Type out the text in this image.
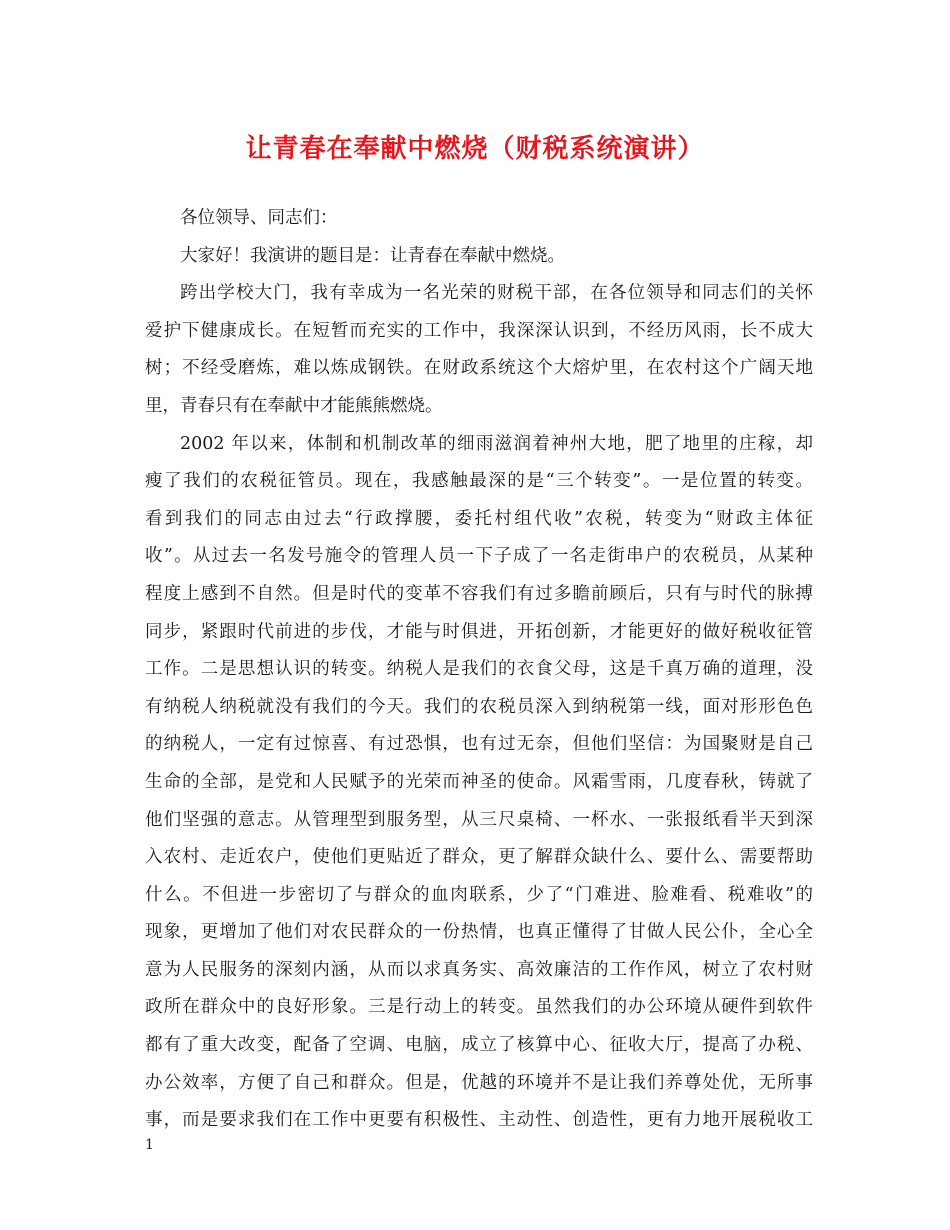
让青春在奉献中燃烧（财税系统演讲）
各位领导、同志们：
大家好！我演讲的题目是：让青春在奉献中燃烧。
跨出学校大门，我有幸成为一名光荣的财税干部，在各位领导和同志们的关怀
爱护下健康成长。在短暂而充实的工作中，我深深认识到，不经历风雨，长不成大
树；不经受磨炼，难以炼成钢铁。在财政系统这个大熔炉里，在农村这个广阔天地
里，青春只有在奉献中才能熊熊燃烧。
2002 年以来，体制和机制改革的细雨滋润着神州大地，肥了地里的庄稼，却
瘦了我们的农税征管员。现在，我感触最深的是“三个转变”。一是位置的转变。
看到我们的同志由过去“行政撑腰，委托村组代收”农税，转变为“财政主体征
收”。从过去一名发号施令的管理人员一下子成了一名走街串户的农税员，从某种
程度上感到不自然。但是时代的变革不容我们有过多瞻前顾后，只有与时代的脉搏
同步，紧跟时代前进的步伐，才能与时俱进，开拓创新，才能更好的做好税收征管
工作。二是思想认识的转变。纳税人是我们的衣食父母，这是千真万确的道理，没
有纳税人纳税就没有我们的今天。我们的农税员深入到纳税第一线，面对形形色色
的纳税人，一定有过惊喜、有过恐惧，也有过无奈，但他们坚信：为国聚财是自己
生命的全部，是党和人民赋予的光荣而神圣的使命。风霜雪雨，几度春秋，铸就了
他们坚强的意志。从管理型到服务型，从三尺桌椅、一杯水、一张报纸看半天到深
入农村、走近农户，使他们更贴近了群众，更了解群众缺什么、要什么、需要帮助
什么。不但进一步密切了与群众的血肉联系，少了“门难进、脸难看、税难收”的
现象，更增加了他们对农民群众的一份热情，也真正懂得了甘做人民公仆，全心全
意为人民服务的深刻内涵，从而以求真务实、高效廉洁的工作作风，树立了农村财
政所在群众中的良好形象。三是行动上的转变。虽然我们的办公环境从硬件到软件
都有了重大改变，配备了空调、电脑，成立了核算中心、征收大厅，提高了办税、
办公效率，方便了自己和群众。但是，优越的环境并不是让我们养尊处优，无所事
事，而是要求我们在工作中更要有积极性、主动性、创造性，更有力地开展税收工
1
